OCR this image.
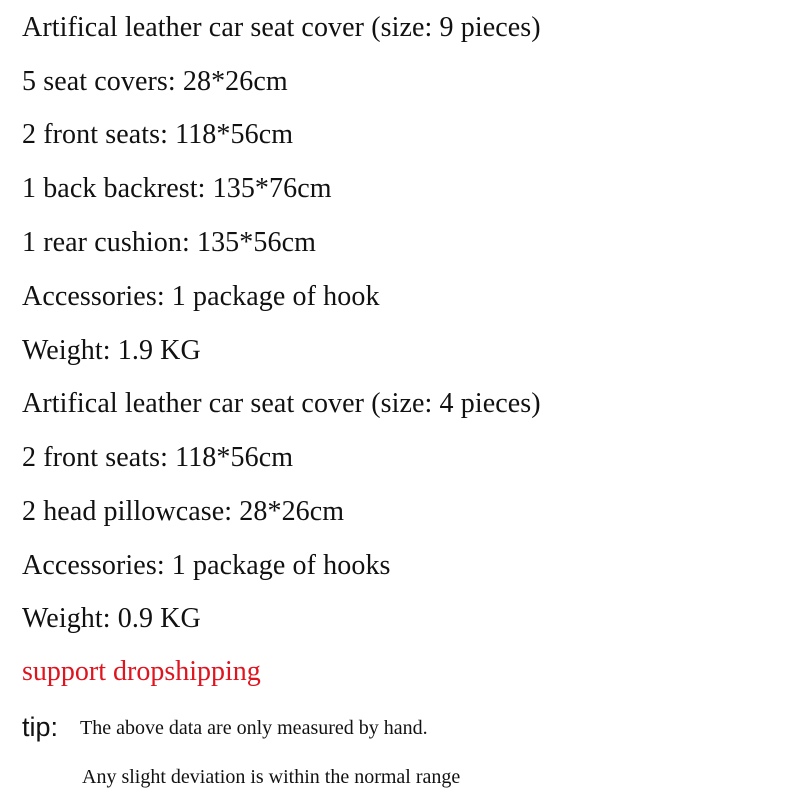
Artifical leather car seat cover (size: 9 pieces)
5 seat covers: 28*26cm
2 front seats: 118*56cm
1 back backrest: 135*76cm
1 rear cushion: 135*56cm
Accessories: 1 package of hook
Weight: 1.9 KG
Artifical leather car seat cover (size: 4 pieces)
2 front seats: 118*56cm
2 head pillowcase: 28*26cm
Accessories: 1 package of hooks
Weight: 0.9 KG
support dropshipping
tip: The above data are only measured by hand.
Any slight deviation is within the normal range
